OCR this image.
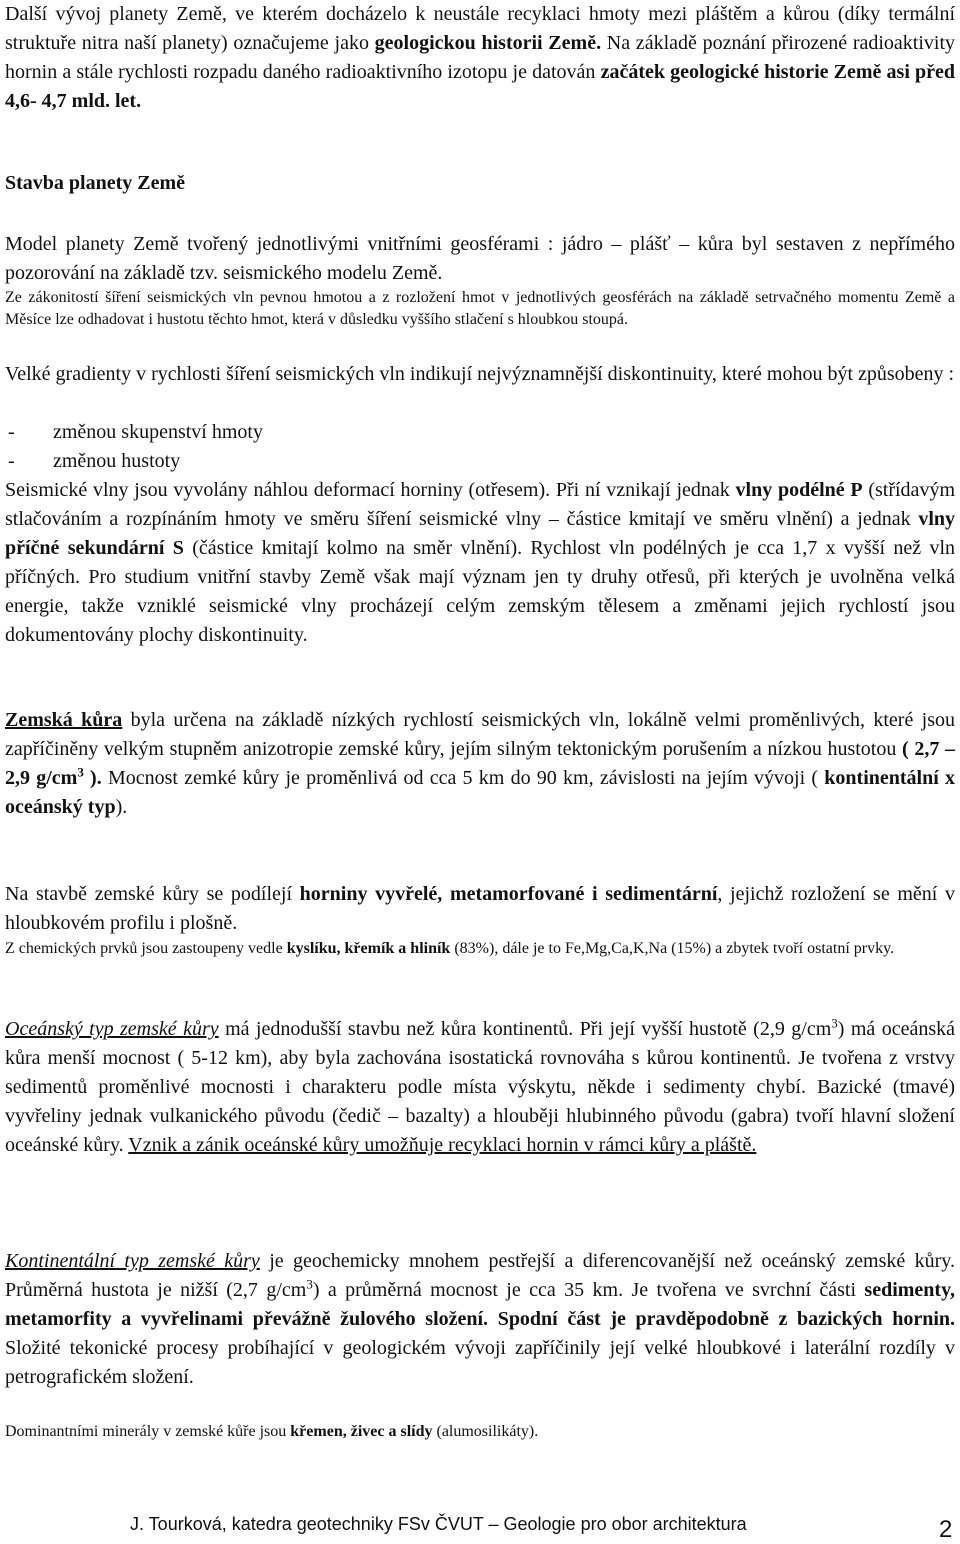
Další vývoj planety Země, ve kterém docházelo k neustále recyklaci hmoty mezi pláštěm a kůrou (díky termální struktuře nitra naší planety) označujeme jako geologickou historii Země. Na základě poznání přirozené radioaktivity hornin a stále rychlosti rozpadu daného radioaktivního izotopu je datován začátek geologické historie Země asi před 4,6- 4,7 mld. let.

Stavba planety Země

Model planety Země tvořený jednotlivými vnitřními geosférami : jádro – plášť – kůra byl sestaven z nepřímého pozorování na základě tzv. seismického modelu Země.

Ze zákonitostí šíření seismických vln pevnou hmotou a z rozložení hmot v jednotlivých geosférách na základě setrvačného momentu Země a Měsíce lze odhadovat i hustotu těchto hmot, která v důsledku vyššího stlačení s hloubkou stoupá.

Velké gradienty v rychlosti šíření seismických vln indikují nejvýznamnější diskontinuity, které mohou být způsobeny :

- změnou skupenství hmoty
- změnou hustoty

Seismické vlny jsou vyvolány náhlou deformací horniny (otřesem). Při ní vznikají jednak vlny podélné P (střídavým stlačováním a rozpínáním hmoty ve směru šíření seismické vlny – částice kmitají ve směru vlnění) a jednak vlny příčné sekundární S (částice kmitají kolmo na směr vlnění). Rychlost vln podélných je cca 1,7 x vyšší než vln příčných. Pro studium vnitřní stavby Země však mají význam jen ty druhy otřesů, při kterých je uvolněna velká energie, takže vzniklé seismické vlny procházejí celým zemským tělesem a změnami jejich rychlostí jsou dokumentovány plochy diskontinuity.

Zemská kůra byla určena na základě nízkých rychlostí seismických vln, lokálně velmi proměnlivých, které jsou zapříčiněny velkým stupněm anizotropie zemské kůry, jejím silným tektonickým porušením a nízkou hustotou ( 2,7 – 2,9 $g/cm^3$ ). Mocnost zemké kůry je proměnlivá od cca 5 km do 90 km, závislosti na jejím vývoji ( kontinentální x oceánský typ).

Na stavbě zemské kůry se podílejí horniny vyvřelé, metamorfované i sedimentární, jejichž rozložení se mění v hloubkovém profilu i plošně.

Z chemických prvků jsou zastoupeny vedle kyslíku, křemík a hliník (83%), dále je to Fe,Mg,Ca,K,Na (15%) a zbytek tvoří ostatní prvky.

Oceánský typ zemské kůry má jednodušší stavbu než kůra kontinentů. Při její vyšší hustotě (2,9 $g/cm^3$) má oceánská kůra menší mocnost ( 5-12 km), aby byla zachována isostatická rovnováha s kůrou kontinentů. Je tvořena z vrstvy sedimentů proměnlivé mocnosti i charakteru podle místa výskytu, někde i sedimenty chybí. Bazické (tmavé) vyvřeliny jednak vulkanického původu (čedič – bazalty) a hlouběji hlubinného původu (gabra) tvoří hlavní složení oceánské kůry. Vznik a zánik oceánské kůry umožňuje recyklaci hornin v rámci kůry a pláště.

Kontinentální typ zemské kůry je geochemicky mnohem pestřejší a diferencovanější než oceánský zemské kůry. Průměrná hustota je nižší (2,7 $g/cm^3$) a průměrná mocnost je cca 35 km. Je tvořena ve svrchní části sedimenty, metamorfity a vyvřelinami převážně žulového složení. Spodní část je pravděpodobně z bazických hornin. Složité tekonické procesy probíhající v geologickém vývoji zapříčinily její velké hloubkové i laterální rozdíly v petrografickém složení.

Dominantními minerály v zemské kůře jsou křemen, živec a slídy (alumosilikáty).

J. Tourková, katedra geotechniky FSv ČVUT – Geologie pro obor architektura	2
